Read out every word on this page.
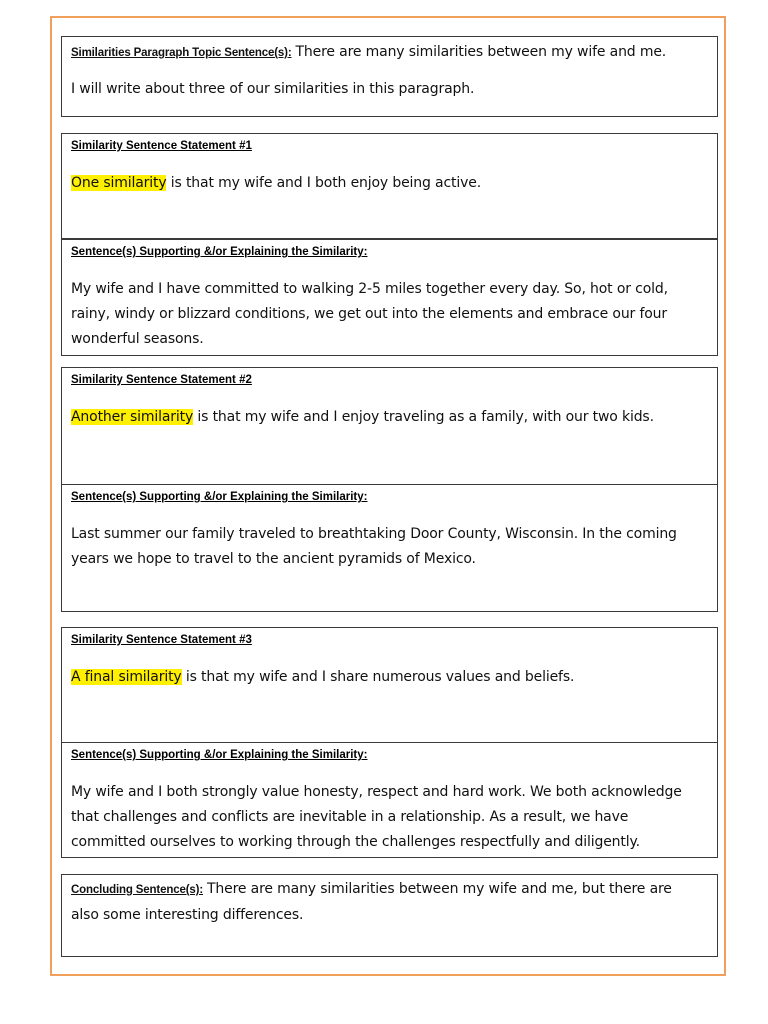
Similarities Paragraph Topic Sentence(s): There are many similarities between my wife and me.
I will write about three of our similarities in this paragraph.
Similarity Sentence Statement #1
One similarity is that my wife and I both enjoy being active.
Sentence(s) Supporting &/or Explaining the Similarity:
My wife and I have committed to walking 2-5 miles together every day. So, hot or cold, rainy, windy or blizzard conditions, we get out into the elements and embrace our four wonderful seasons.
Similarity Sentence Statement #2
Another similarity is that my wife and I enjoy traveling as a family, with our two kids.
Sentence(s) Supporting &/or Explaining the Similarity:
Last summer our family traveled to breathtaking Door County, Wisconsin. In the coming years we hope to travel to the ancient pyramids of Mexico.
Similarity Sentence Statement #3
A final similarity is that my wife and I share numerous values and beliefs.
Sentence(s) Supporting &/or Explaining the Similarity:
My wife and I both strongly value honesty, respect and hard work. We both acknowledge that challenges and conflicts are inevitable in a relationship. As a result, we have committed ourselves to working through the challenges respectfully and diligently.
Concluding Sentence(s): There are many similarities between my wife and me, but there are also some interesting differences.
